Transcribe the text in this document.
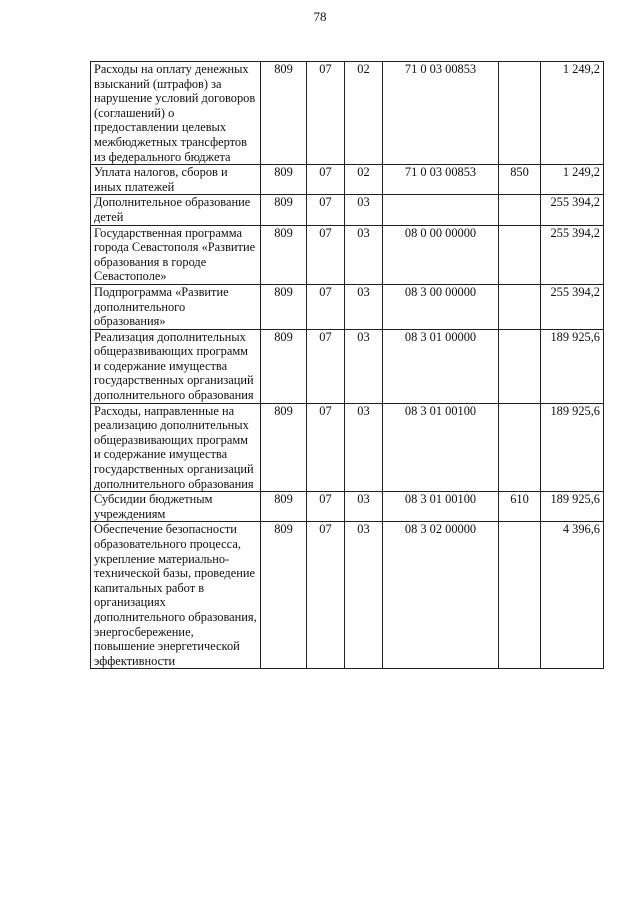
78
Расходы на оплату денежных взысканий (штрафов) за нарушение условий договоров (соглашений) о предоставлении целевых межбюджетных трансфертов из федерального бюджета	809	07	02	71 0 03 00853		1 249,2
Уплата налогов, сборов и иных платежей	809	07	02	71 0 03 00853	850	1 249,2
Дополнительное образование детей	809	07	03			255 394,2
Государственная программа города Севастополя «Развитие образования в городе Севастополе»	809	07	03	08 0 00 00000		255 394,2
Подпрограмма «Развитие дополнительного образования»	809	07	03	08 3 00 00000		255 394,2
Реализация дополнительных общеразвивающих программ и содержание имущества государственных организаций дополнительного образования	809	07	03	08 3 01 00000		189 925,6
Расходы, направленные на реализацию дополнительных общеразвивающих программ и содержание имущества государственных организаций дополнительного образования	809	07	03	08 3 01 00100		189 925,6
Субсидии бюджетным учреждениям	809	07	03	08 3 01 00100	610	189 925,6
Обеспечение безопасности образовательного процесса, укрепление материально-технической базы, проведение капитальных работ в организациях дополнительного образования, энергосбережение, повышение энергетической эффективности	809	07	03	08 3 02 00000		4 396,6
